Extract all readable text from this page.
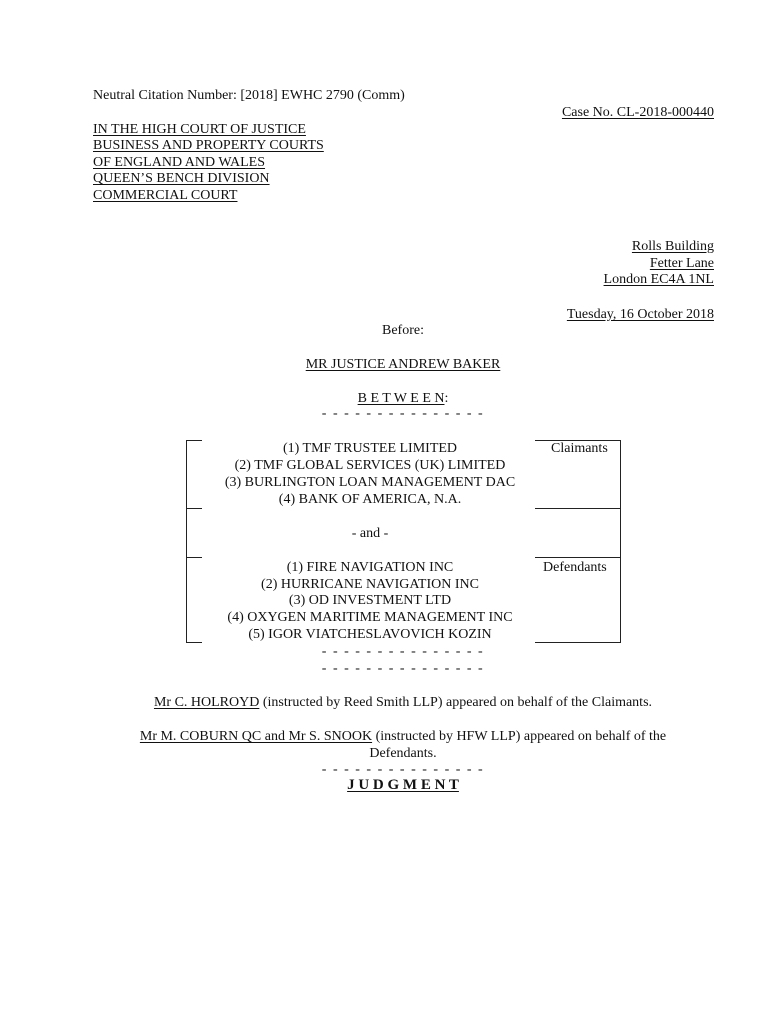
Neutral Citation Number: [2018] EWHC 2790 (Comm)
Case No. CL-2018-000440
IN THE HIGH COURT OF JUSTICE
BUSINESS AND PROPERTY COURTS
OF ENGLAND AND WALES
QUEEN’S BENCH DIVISION
COMMERCIAL COURT
Rolls Building
Fetter Lane
London EC4A 1NL
Tuesday, 16 October 2018
Before:
MR JUSTICE ANDREW BAKER
B E T W E E N:
- - - - - - - - - - - - - - -
(1) TMF TRUSTEE LIMITED
(2) TMF GLOBAL SERVICES (UK) LIMITED
(3) BURLINGTON LOAN MANAGEMENT DAC
(4) BANK OF AMERICA, N.A.
Claimants
- and -
(1) FIRE NAVIGATION INC
(2) HURRICANE NAVIGATION INC
(3) OD INVESTMENT LTD
(4) OXYGEN MARITIME MANAGEMENT INC
(5) IGOR VIATCHESLAVOVICH KOZIN
Defendants
- - - - - - - - - - - - - - -
- - - - - - - - - - - - - - -
Mr C. HOLROYD (instructed by Reed Smith LLP) appeared on behalf of the Claimants.
Mr M. COBURN QC and Mr S. SNOOK (instructed by HFW LLP) appeared on behalf of the
Defendants.
- - - - - - - - - - - - - - -
J U D G M E N T
